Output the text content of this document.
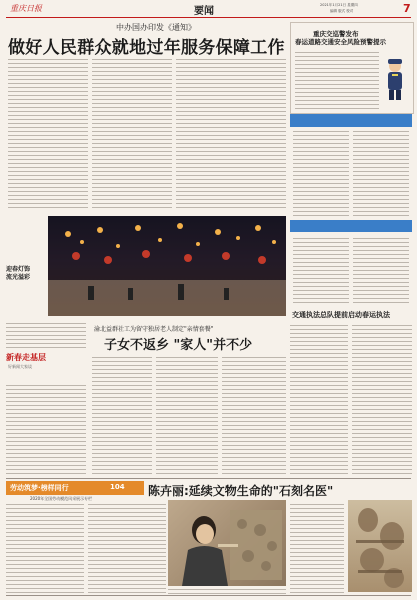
重庆日报	要闻
2021年1月21日 星期四
编辑 版式 校对	7
中办国办印发《通知》
做好人民群众就地过年服务保障工作
重庆交巡警发布
春运道路交通安全风险预警提示
迎春灯饰
流光溢彩
新春走基层
好新闻大家谈
渝北益群社工为留守独居老人制定"亲情套餐"
子女不返乡 "家人"并不少
交通执法总队提前启动春运执法
劳动筑梦·榜样同行	104
2020年全国劳动模范风采展示专栏
陈卉丽:延续文物生命的"石刻名医"
